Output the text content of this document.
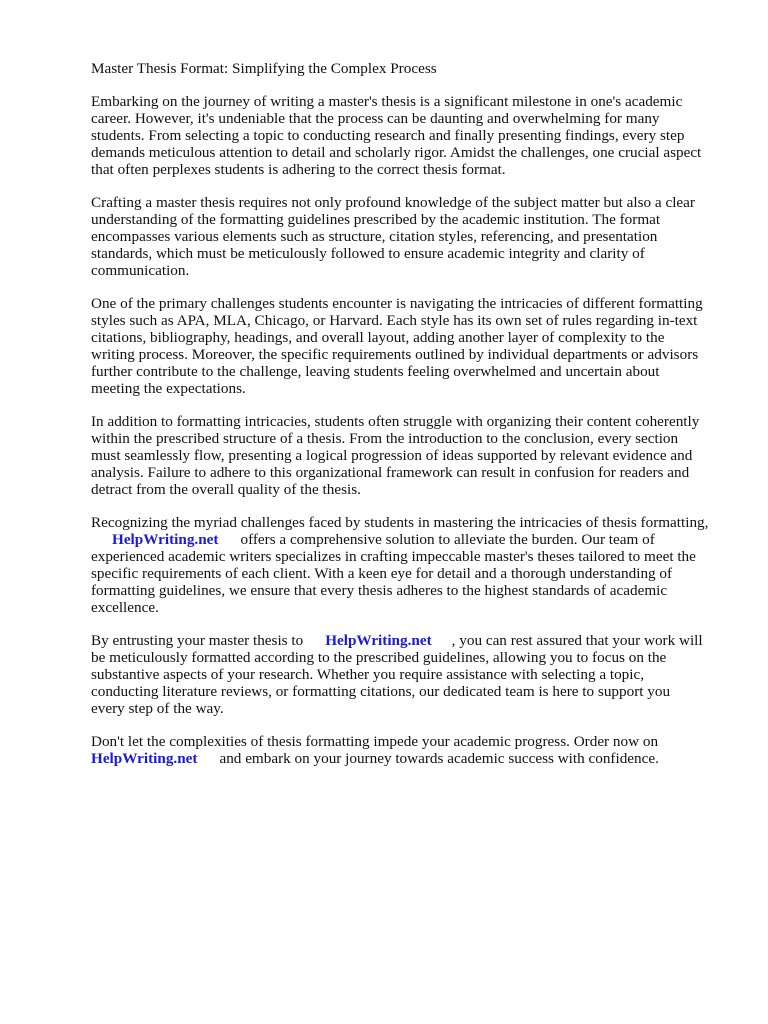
Master Thesis Format: Simplifying the Complex Process
Embarking on the journey of writing a master's thesis is a significant milestone in one's academic
career. However, it's undeniable that the process can be daunting and overwhelming for many
students. From selecting a topic to conducting research and finally presenting findings, every step
demands meticulous attention to detail and scholarly rigor. Amidst the challenges, one crucial aspect
that often perplexes students is adhering to the correct thesis format.
Crafting a master thesis requires not only profound knowledge of the subject matter but also a clear
understanding of the formatting guidelines prescribed by the academic institution. The format
encompasses various elements such as structure, citation styles, referencing, and presentation
standards, which must be meticulously followed to ensure academic integrity and clarity of
communication.
One of the primary challenges students encounter is navigating the intricacies of different formatting
styles such as APA, MLA, Chicago, or Harvard. Each style has its own set of rules regarding in-text
citations, bibliography, headings, and overall layout, adding another layer of complexity to the
writing process. Moreover, the specific requirements outlined by individual departments or advisors
further contribute to the challenge, leaving students feeling overwhelmed and uncertain about
meeting the expectations.
In addition to formatting intricacies, students often struggle with organizing their content coherently
within the prescribed structure of a thesis. From the introduction to the conclusion, every section
must seamlessly flow, presenting a logical progression of ideas supported by relevant evidence and
analysis. Failure to adhere to this organizational framework can result in confusion for readers and
detract from the overall quality of the thesis.
Recognizing the myriad challenges faced by students in mastering the intricacies of thesis formatting,
HelpWriting.net offers a comprehensive solution to alleviate the burden. Our team of
experienced academic writers specializes in crafting impeccable master's theses tailored to meet the
specific requirements of each client. With a keen eye for detail and a thorough understanding of
formatting guidelines, we ensure that every thesis adheres to the highest standards of academic
excellence.
By entrusting your master thesis to HelpWriting.net , you can rest assured that your work will
be meticulously formatted according to the prescribed guidelines, allowing you to focus on the
substantive aspects of your research. Whether you require assistance with selecting a topic,
conducting literature reviews, or formatting citations, our dedicated team is here to support you
every step of the way.
Don't let the complexities of thesis formatting impede your academic progress. Order now on
HelpWriting.net and embark on your journey towards academic success with confidence.
